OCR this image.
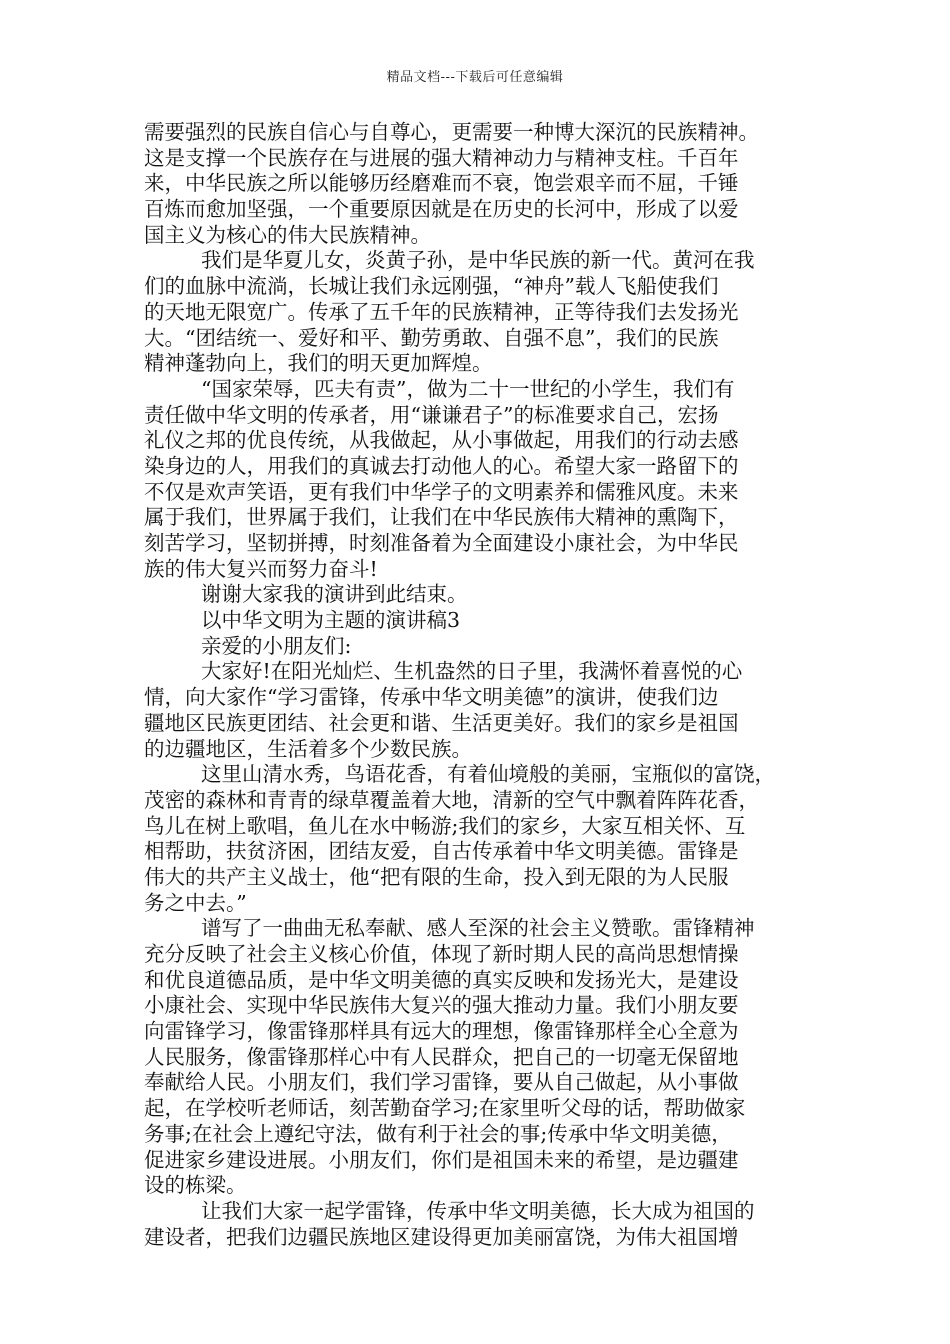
精品文档---下载后可任意编辑
需要强烈的民族自信心与自尊心，更需要一种博大深沉的民族精神。
这是支撑一个民族存在与进展的强大精神动力与精神支柱。千百年
来，中华民族之所以能够历经磨难而不衰，饱尝艰辛而不屈，千锤
百炼而愈加坚强，一个重要原因就是在历史的长河中，形成了以爱
国主义为核心的伟大民族精神。
我们是华夏儿女，炎黄子孙，是中华民族的新一代。黄河在我
们的血脉中流淌，长城让我们永远刚强，“神舟”载人飞船使我们
的天地无限宽广。传承了五千年的民族精神，正等待我们去发扬光
大。“团结统一、爱好和平、勤劳勇敢、自强不息”，我们的民族
精神蓬勃向上，我们的明天更加辉煌。
“国家荣辱，匹夫有责”，做为二十一世纪的小学生，我们有
责任做中华文明的传承者，用“谦谦君子”的标准要求自己，宏扬
礼仪之邦的优良传统，从我做起，从小事做起，用我们的行动去感
染身边的人，用我们的真诚去打动他人的心。希望大家一路留下的
不仅是欢声笑语，更有我们中华学子的文明素养和儒雅风度。未来
属于我们，世界属于我们，让我们在中华民族伟大精神的熏陶下，
刻苦学习，坚韧拼搏，时刻准备着为全面建设小康社会，为中华民
族的伟大复兴而努力奋斗!
谢谢大家我的演讲到此结束。
以中华文明为主题的演讲稿3
亲爱的小朋友们:
大家好!在阳光灿烂、生机盎然的日子里，我满怀着喜悦的心
情，向大家作“学习雷锋，传承中华文明美德”的演讲，使我们边
疆地区民族更团结、社会更和谐、生活更美好。我们的家乡是祖国
的边疆地区，生活着多个少数民族。
这里山清水秀，鸟语花香，有着仙境般的美丽，宝瓶似的富饶，
茂密的森林和青青的绿草覆盖着大地，清新的空气中飘着阵阵花香，
鸟儿在树上歌唱，鱼儿在水中畅游;我们的家乡，大家互相关怀、互
相帮助，扶贫济困，团结友爱，自古传承着中华文明美德。雷锋是
伟大的共产主义战士，他“把有限的生命，投入到无限的为人民服
务之中去。”
谱写了一曲曲无私奉献、感人至深的社会主义赞歌。雷锋精神
充分反映了社会主义核心价值，体现了新时期人民的高尚思想情操
和优良道德品质，是中华文明美德的真实反映和发扬光大，是建设
小康社会、实现中华民族伟大复兴的强大推动力量。我们小朋友要
向雷锋学习，像雷锋那样具有远大的理想，像雷锋那样全心全意为
人民服务，像雷锋那样心中有人民群众，把自己的一切毫无保留地
奉献给人民。小朋友们，我们学习雷锋，要从自己做起，从小事做
起，在学校听老师话，刻苦勤奋学习;在家里听父母的话，帮助做家
务事;在社会上遵纪守法，做有利于社会的事;传承中华文明美德，
促进家乡建设进展。小朋友们，你们是祖国未来的希望，是边疆建
设的栋梁。
让我们大家一起学雷锋，传承中华文明美德，长大成为祖国的
建设者，把我们边疆民族地区建设得更加美丽富饶，为伟大祖国增
